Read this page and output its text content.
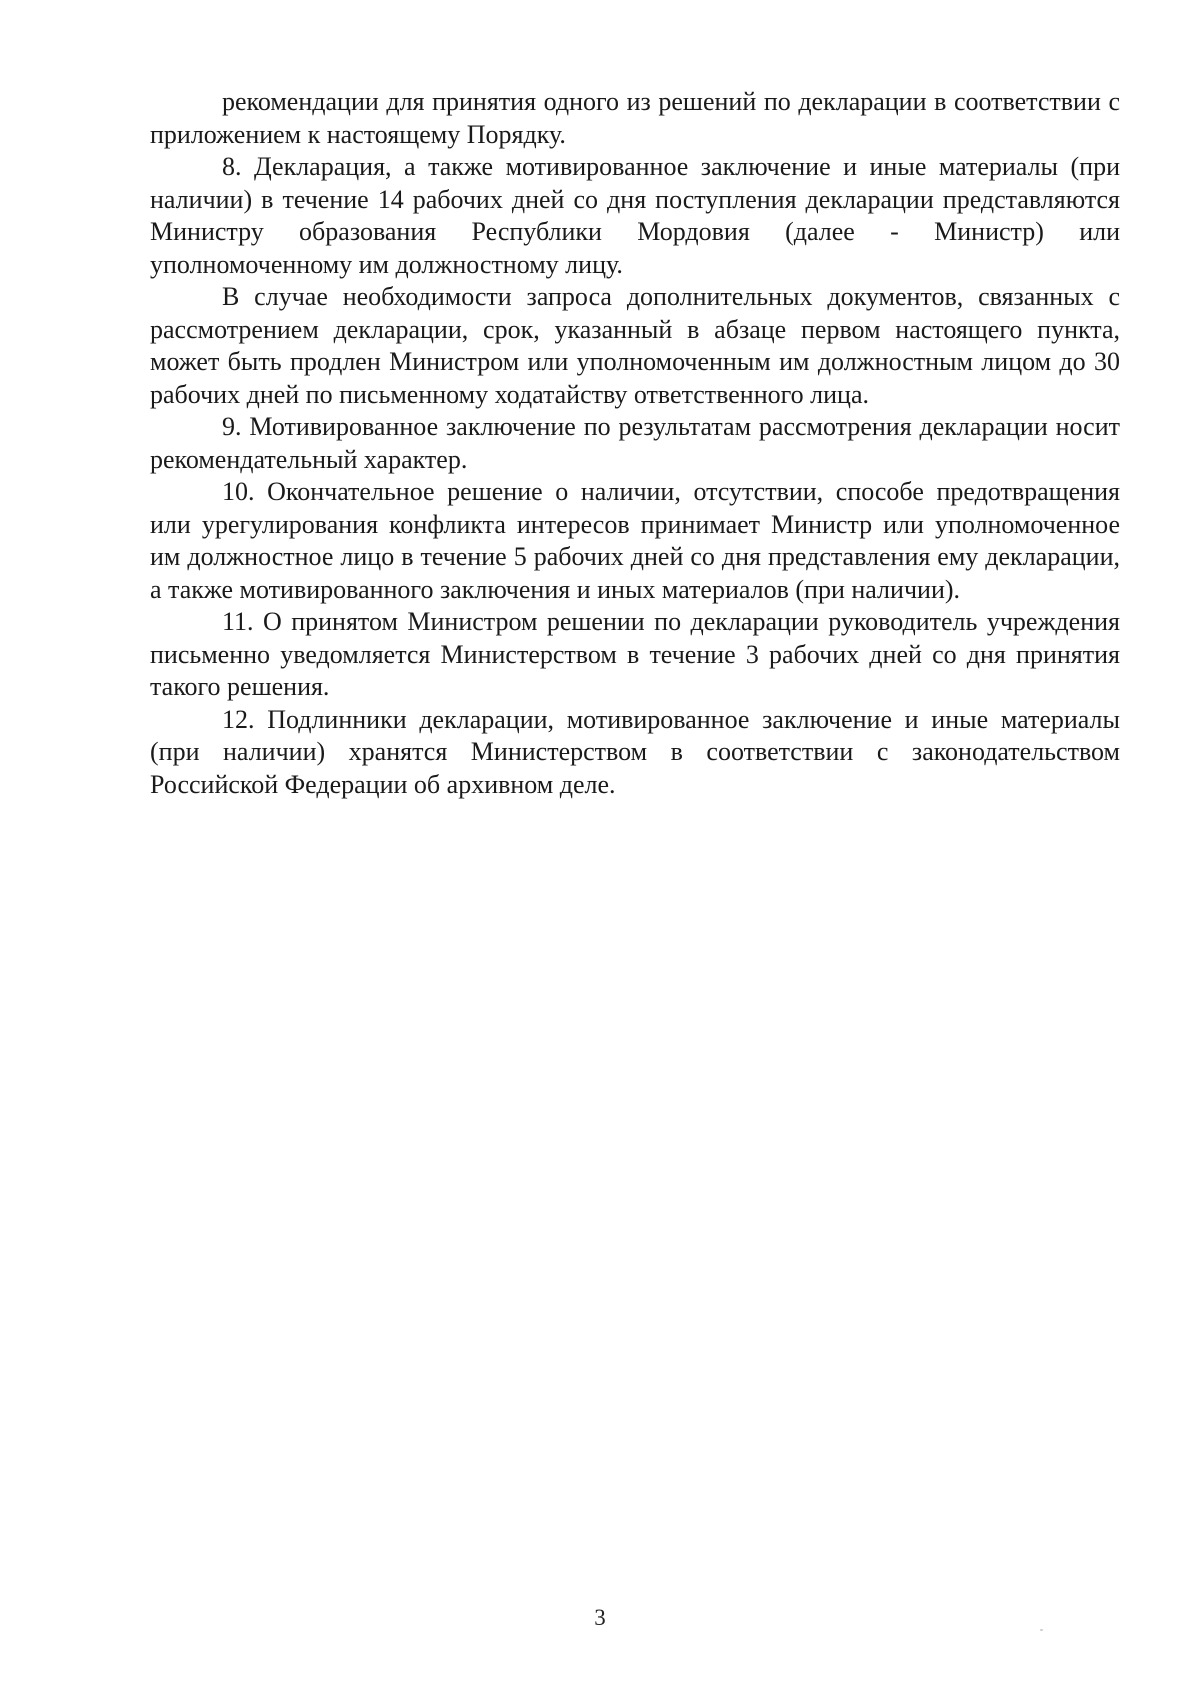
рекомендации для принятия одного из решений по декларации в соответствии с приложением к настоящему Порядку.

8. Декларация, а также мотивированное заключение и иные материалы (при наличии) в течение 14 рабочих дней со дня поступления декларации представляются Министру образования Республики Мордовия (далее - Министр) или уполномоченному им должностному лицу.

В случае необходимости запроса дополнительных документов, связанных с рассмотрением декларации, срок, указанный в абзаце первом настоящего пункта, может быть продлен Министром или уполномоченным им должностным лицом до 30 рабочих дней по письменному ходатайству ответственного лица.

9. Мотивированное заключение по результатам рассмотрения декларации носит рекомендательный характер.

10. Окончательное решение о наличии, отсутствии, способе предотвращения или урегулирования конфликта интересов принимает Министр или уполномоченное им должностное лицо в течение 5 рабочих дней со дня представления ему декларации, а также мотивированного заключения и иных материалов (при наличии).

11. О принятом Министром решении по декларации руководитель учреждения письменно уведомляется Министерством в течение 3 рабочих дней со дня принятия такого решения.

12. Подлинники декларации, мотивированное заключение и иные материалы (при наличии) хранятся Министерством в соответствии с законодательством Российской Федерации об архивном деле.

3
